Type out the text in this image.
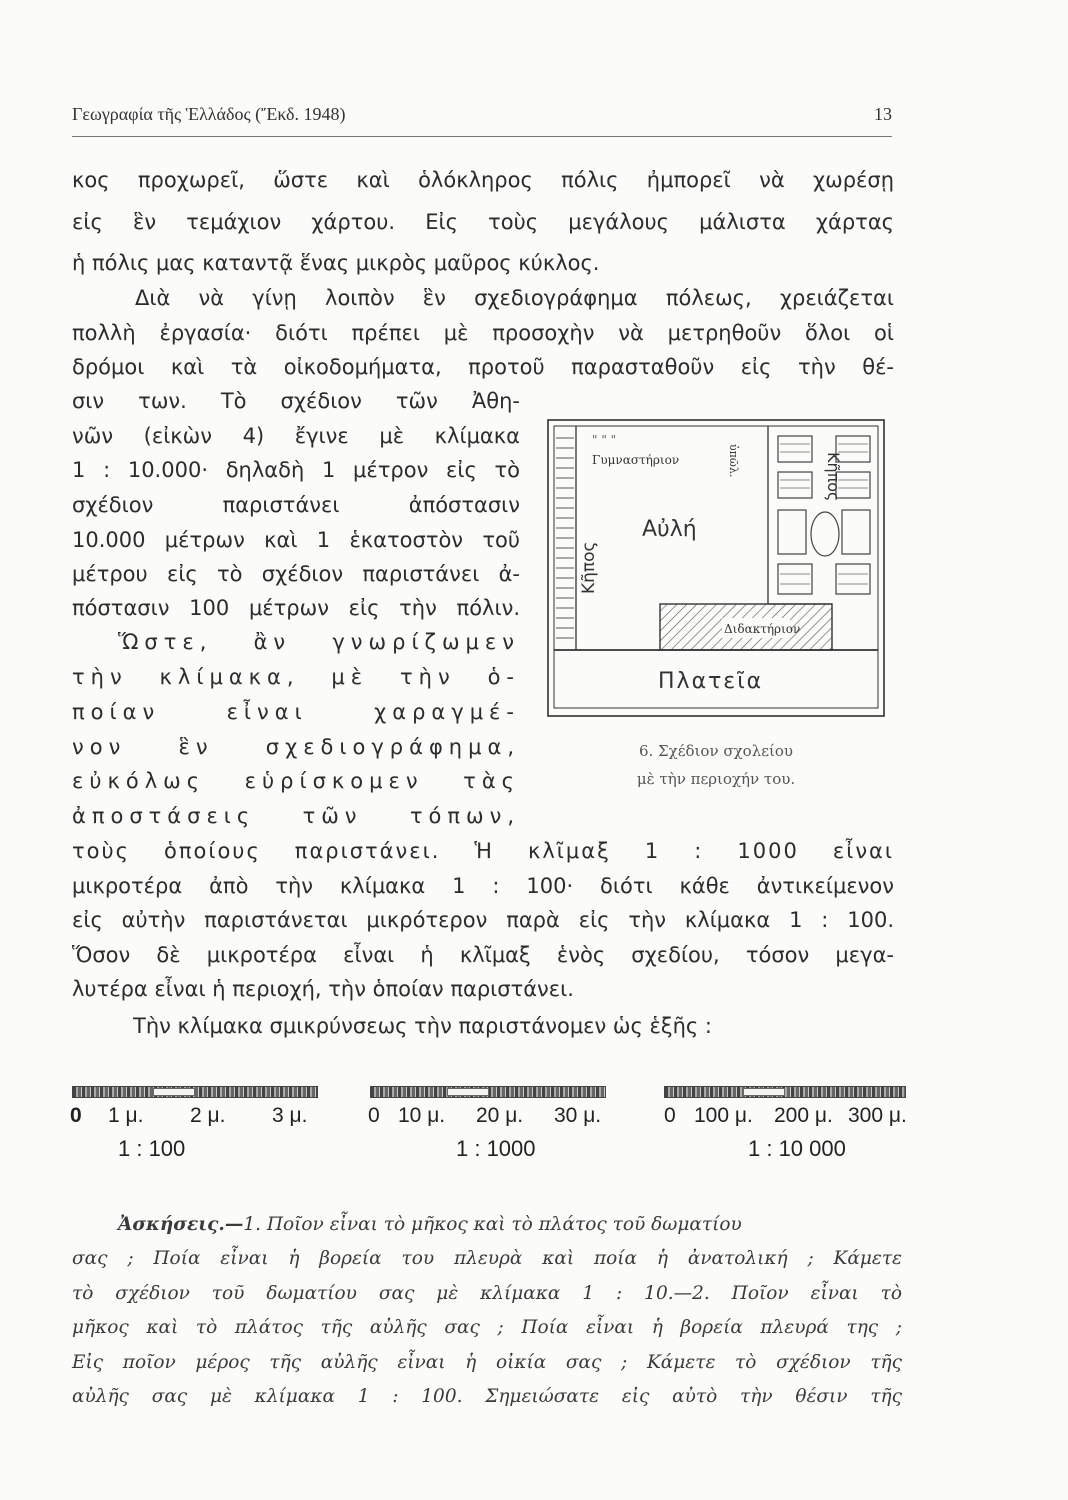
Γεωγραφία τῆς Ἑλλάδος (Ἔκδ. 1948)	13
κος προχωρεῖ, ὥστε καὶ ὁλόκληρος πόλις ἠμπορεῖ νὰ χωρέσῃ
εἰς ἓν τεμάχιον χάρτου. Εἰς τοὺς μεγάλους μάλιστα χάρτας
ἡ πόλις μας καταντᾷ ἕνας μικρὸς μαῦρος κύκλος.
Διὰ νὰ γίνῃ λοιπὸν ἓν σχεδιογράφημα πόλεως, χρειάζεται
πολλὴ ἐργασία· διότι πρέπει μὲ προσοχὴν νὰ μετρηθοῦν ὅλοι οἱ
δρόμοι καὶ τὰ οἰκοδομήματα, προτοῦ παρασταθοῦν εἰς τὴν θέ-
σιν των. Τὸ σχέδιον τῶν Ἀθη-
νῶν (εἰκὼν 4) ἔγινε μὲ κλίμακα
1 : 10.000· δηλαδὴ 1 μέτρον εἰς τὸ
σχέδιον παριστάνει ἀπόστασιν
10.000 μέτρων καὶ 1 ἑκατοστὸν τοῦ
μέτρου εἰς τὸ σχέδιον παριστάνει ἀ-
πόστασιν 100 μέτρων εἰς τὴν πόλιν.
Ὥστε, ἂν γνωρίζωμεν
τὴν κλίμακα, μὲ τὴν ὁ-
ποίαν εἶναι χαραγμέ-
νον ἓν σχεδιογράφημα,
εὐκόλως εὑρίσκομεν τὰς
ἀποστάσεις τῶν τόπων,
τοὺς ὁποίους παριστάνει. Ἡ κλῖμαξ 1 : 1000 εἶναι
μικροτέρα ἀπὸ τὴν κλίμακα 1 : 100· διότι κάθε ἀντικείμενον
εἰς αὐτὴν παριστάνεται μικρότερον παρὰ εἰς τὴν κλίμακα 1 : 100.
Ὅσον δὲ μικροτέρα εἶναι ἡ κλῖμαξ ἑνὸς σχεδίου, τόσον μεγα-
λυτέρα εἶναι ἡ περιοχή, τὴν ὁποίαν παριστάνει.
Τὴν κλίμακα σμικρύνσεως τὴν παριστάνομεν ὡς ἑξῆς :
Γυμναστήριον
" " "
Αὐλή
Κῆπος
Κῆπος
ὑπῶλ.
Διδακτήριον
Πλατεῖα
6. Σχέδιον σχολείου
μὲ τὴν περιοχήν του.
0 1 μ. 2 μ. 3 μ.
1 : 100
0 10 μ. 20 μ. 30 μ.
1 : 1000
0 100 μ. 200 μ. 300 μ.
1 : 10 000
Ἀσκήσεις.—1. Ποῖον εἶναι τὸ μῆκος καὶ τὸ πλάτος τοῦ δωματίου
σας ; Ποία εἶναι ἡ βορεία του πλευρὰ καὶ ποία ἡ ἀνατολική ; Κάμετε
τὸ σχέδιον τοῦ δωματίου σας μὲ κλίμακα 1 : 10.—2. Ποῖον εἶναι τὸ
μῆκος καὶ τὸ πλάτος τῆς αὐλῆς σας ; Ποία εἶναι ἡ βορεία πλευρά της ;
Εἰς ποῖον μέρος τῆς αὐλῆς εἶναι ἡ οἰκία σας ; Κάμετε τὸ σχέδιον τῆς
αὐλῆς σας μὲ κλίμακα 1 : 100. Σημειώσατε εἰς αὐτὸ τὴν θέσιν τῆς
